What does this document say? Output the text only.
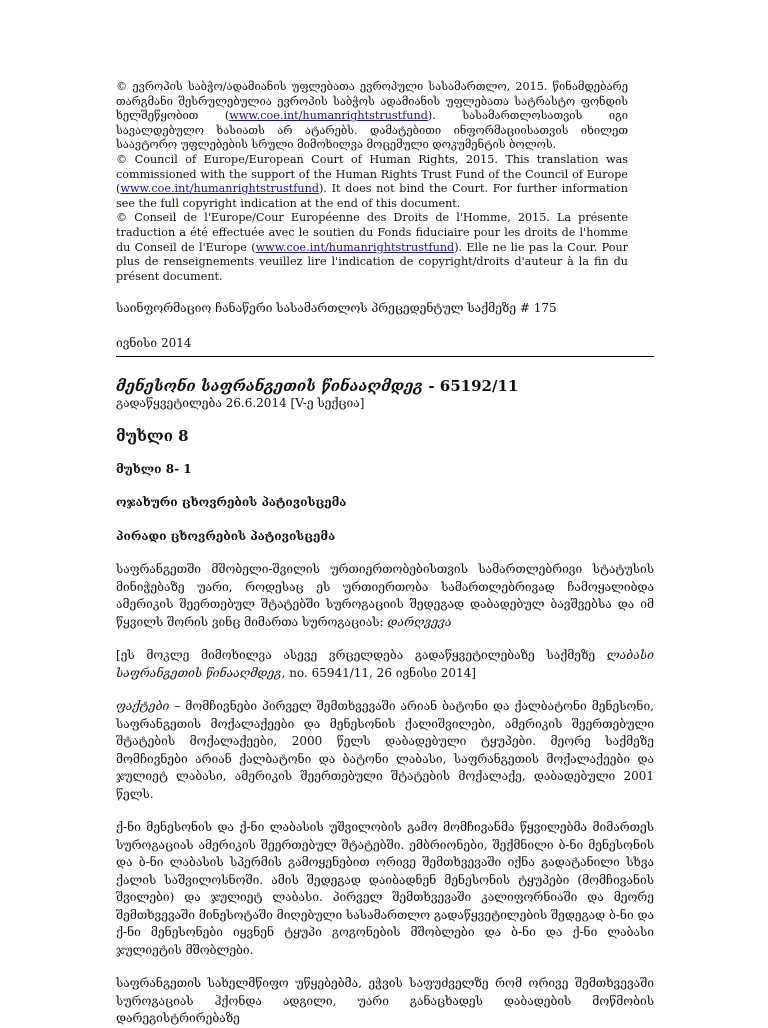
© ევროპის საბჭო/ადამიანის უფლებათა ევროპული სასამართლო, 2015. წინამდებარე თარგმანი შესრულებულია ევროპის საბჭოს ადამიანის უფლებათა სატრასტო ფონდის ხელშეწყობით (www.coe.int/humanrightstrustfund). სასამართლოსათვის იგი სავალდებულო ხასიათს არ ატარებს. დამატებითი ინფორმაციისათვის იხილეთ საავტორო უფლებების სრული მიმოხილვა მოცემული დოკუმენტის ბოლოს.

© Council of Europe/European Court of Human Rights, 2015. This translation was commissioned with the support of the Human Rights Trust Fund of the Council of Europe (www.coe.int/humanrightstrustfund). It does not bind the Court. For further information see the full copyright indication at the end of this document.

© Conseil de l'Europe/Cour Européenne des Droits de l'Homme, 2015. La présente traduction a été effectuée avec le soutien du Fonds fiduciaire pour les droits de l'homme du Conseil de l'Europe (www.coe.int/humanrightstrustfund). Elle ne lie pas la Cour. Pour plus de renseignements veuillez lire l'indication de copyright/droits d'auteur à la fin du présent document.

საინფორმაციო ჩანაწერი სასამართლოს პრეცედენტულ საქმეზე # 175

ივნისი 2014

მენესონი საფრანგეთის წინააღმდეგ - 65192/11

გადაწყვეტილება 26.6.2014 [V-ე სექცია]

მუხლი 8

მუხლი 8- 1

ოჯახური ცხოვრების პატივისცემა

პირადი ცხოვრების პატივისცემა

საფრანგეთში მშობელი-შვილის ურთიერთობებისთვის სამართლებრივი სტატუსის მინიჭებაზე უარი, როდესაც ეს ურთიერთობა სამართლებრივად ჩამოყალიბდა ამერიკის შეერთებულ შტატებში სუროგაციის შედეგად დაბადებულ ბავშვებსა და იმ წყვილს შორის ვინც მიმართა სუროგაციას: დარღვევა

[ეს მოკლე მიმოხილვა ასევე ვრცელდება გადაწყვეტილებაზე საქმეზე ლაბასი საფრანგეთის წინააღმდეგ, no. 65941/11, 26 ივნისი 2014]

ფაქტები – მომჩივნები პირველ შემთხვევაში არიან ბატონი და ქალბატონი მენესონი, საფრანგეთის მოქალაქეები და მენესონის ქალიშვილები, ამერიკის შეერთებული შტატების მოქალაქეები, 2000 წელს დაბადებული ტყუპები. მეორე საქმეზე მომჩივნები არიან ქალბატონი და ბატონი ლაბასი, საფრანგეთის მოქალაქეები და ჯულიეტ ლაბასი, ამერიკის შეერთებული შტატების მოქალაქე, დაბადებული 2001 წელს.

ქ-ნი მენესონის და ქ-ნი ლაბასის უშვილობის გამო მომჩივანმა წყვილებმა მიმართეს სუროგაციას ამერიკის შეერთებულ შტატებში. ემბრიონები, შექმნილი ბ-ნი მენესონის და ბ-ნი ლაბასის სპერმის გამოყენებით ორივე შემთხვევაში იქნა გადატანილი სხვა ქალის საშვილოსნოში. ამის შედეგად დაიბადნენ მენესონის ტყუპები (მომჩივანის შვილები) და ჯულიეტ ლაბასი. პირველ შემთხვევაში კალიფორნიაში და მეორე შემთხვევაში მინესოტაში მიღებული სასამართლო გადაწყვეტილების შედეგად ბ-ნი და ქ-ნი მენესონები იყვნენ ტყუპი გოგონების მშობლები და ბ-ნი და ქ-ნი ლაბასი ჯულიეტის მშობლები.

საფრანგეთის სახელმწიფო უწყებებმა, ეჭვის საფუძველზე რომ ორივე შემთხვევაში სუროგაციას ჰქონდა ადგილი, უარი განაცხადეს დაბადების მოწმობის დარეგისტრირებაზე
